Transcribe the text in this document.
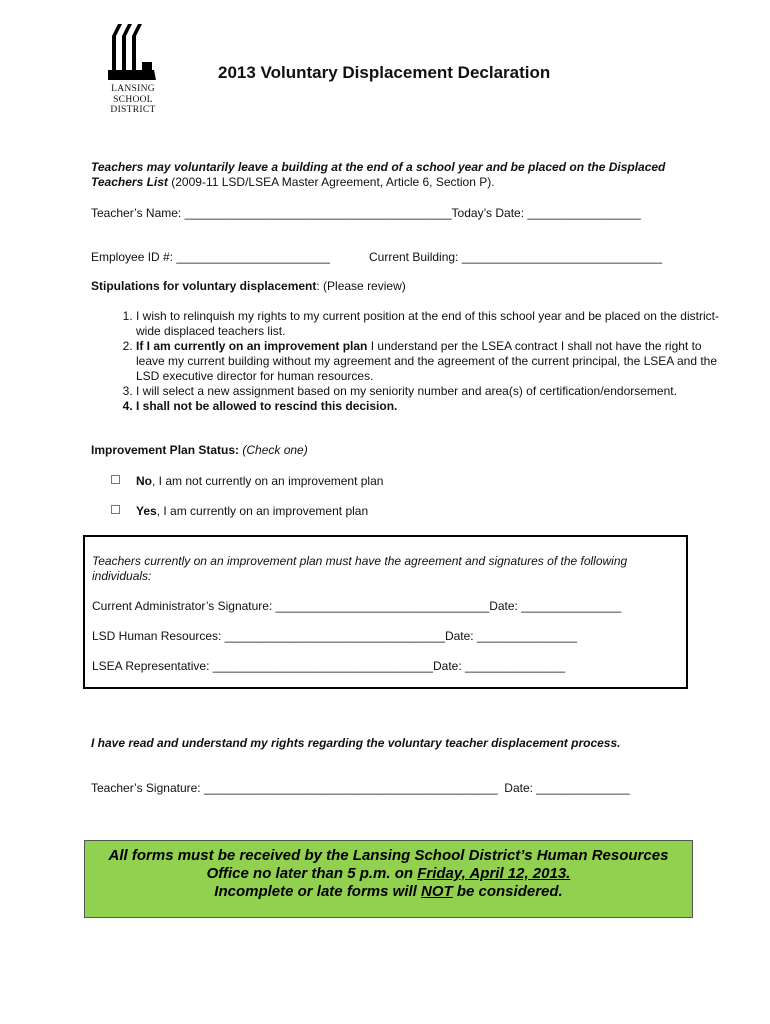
LANSING
SCHOOL
DISTRICT
2013 Voluntary Displacement Declaration
Teachers may voluntarily leave a building at the end of a school year and be placed on the Displaced Teachers List (2009-11 LSD/LSEA Master Agreement, Article 6, Section P).
Teacher’s Name: ________________________________________Today’s Date: _________________
Employee ID #: _______________________	Current Building: ______________________________
Stipulations for voluntary displacement: (Please review)
1. I wish to relinquish my rights to my current position at the end of this school year and be placed on the district-wide displaced teachers list.
2. If I am currently on an improvement plan I understand per the LSEA contract I shall not have the right to leave my current building without my agreement and the agreement of the current principal, the LSEA and the LSD executive director for human resources.
3. I will select a new assignment based on my seniority number and area(s) of certification/endorsement.
4. I shall not be allowed to rescind this decision.
Improvement Plan Status: (Check one)
No, I am not currently on an improvement plan
Yes, I am currently on an improvement plan
Teachers currently on an improvement plan must have the agreement and signatures of the following individuals:
Current Administrator’s Signature: ________________________________Date: _______________
LSD Human Resources: _________________________________Date: _______________
LSEA Representative: _________________________________Date: _______________
I have read and understand my rights regarding the voluntary teacher displacement process.
Teacher’s Signature: ____________________________________________  Date: ______________
All forms must be received by the Lansing School District’s Human Resources
Office no later than 5 p.m. on Friday, April 12, 2013.
Incomplete or late forms will NOT be considered.
